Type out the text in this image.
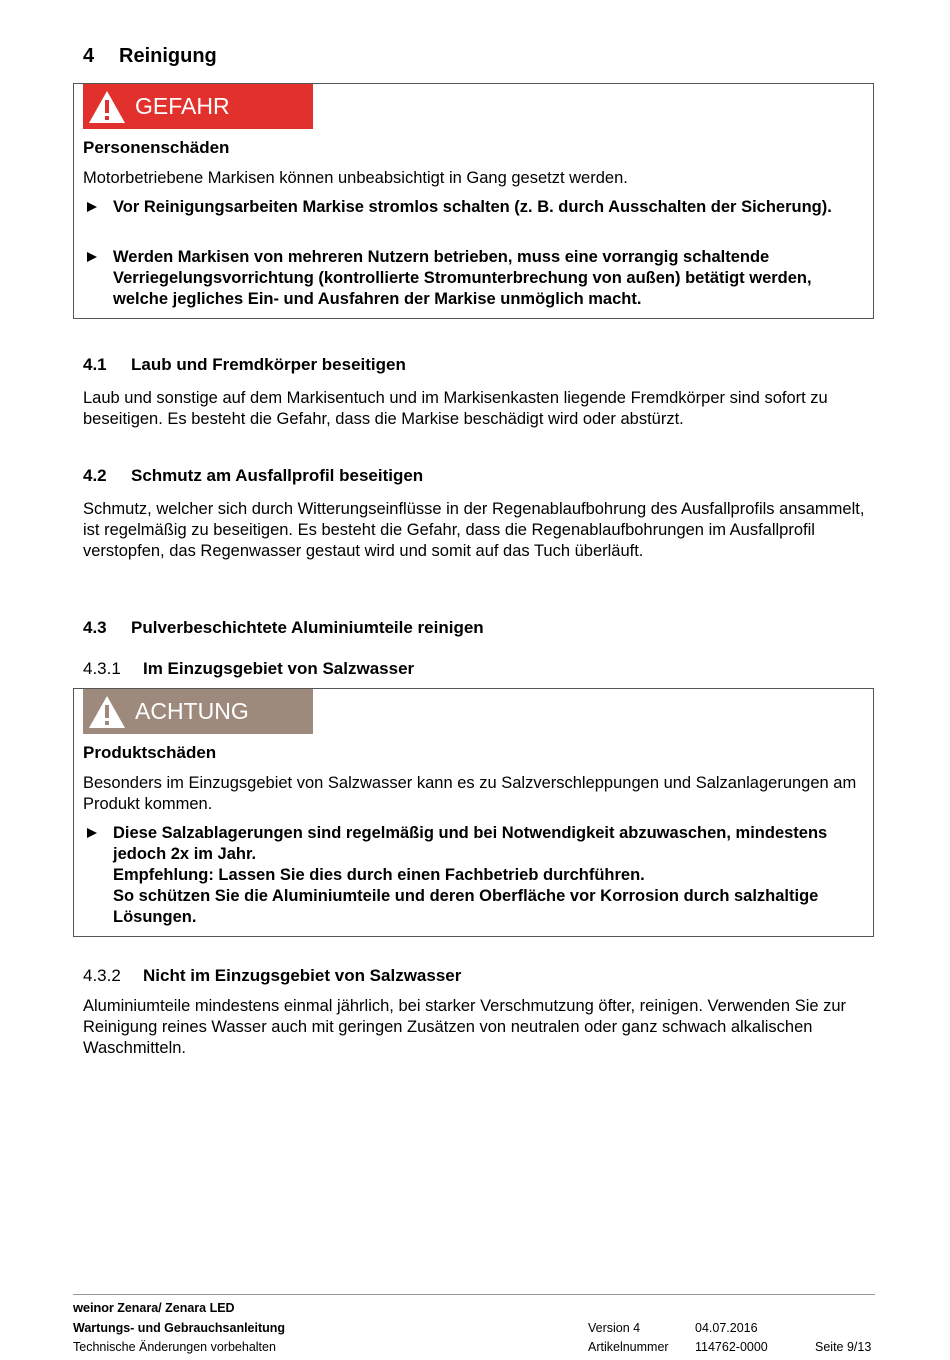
4 Reinigung
GEFAHR
Personenschäden

Motorbetriebene Markisen können unbeabsichtigt in Gang gesetzt werden.

Vor Reinigungsarbeiten Markise stromlos schalten (z. B. durch Ausschalten der Sicherung).

Werden Markisen von mehreren Nutzern betrieben, muss eine vorrangig schaltende Verriegelungsvorrichtung (kontrollierte Stromunterbrechung von außen) betätigt werden, welche jegliches Ein- und Ausfahren der Markise unmöglich macht.

4.1 Laub und Fremdkörper beseitigen

Laub und sonstige auf dem Markisentuch und im Markisenkasten liegende Fremdkörper sind sofort zu beseitigen. Es besteht die Gefahr, dass die Markise beschädigt wird oder abstürzt.

4.2 Schmutz am Ausfallprofil beseitigen

Schmutz, welcher sich durch Witterungseinflüsse in der Regenablaufbohrung des Ausfallprofils ansammelt, ist regelmäßig zu beseitigen. Es besteht die Gefahr, dass die Regenablaufbohrungen im Ausfallprofil verstopfen, das Regenwasser gestaut wird und somit auf das Tuch überläuft.

4.3 Pulverbeschichtete Aluminiumteile reinigen
4.3.1 Im Einzugsgebiet von Salzwasser
ACHTUNG
Produktschäden

Besonders im Einzugsgebiet von Salzwasser kann es zu Salzverschleppungen und Salzanlagerungen am Produkt kommen.

Diese Salzablagerungen sind regelmäßig und bei Notwendigkeit abzuwaschen, mindestens jedoch 2x im Jahr.

Empfehlung: Lassen Sie dies durch einen Fachbetrieb durchführen.

So schützen Sie die Aluminiumteile und deren Oberfläche vor Korrosion durch salzhaltige Lösungen.

4.3.2 Nicht im Einzugsgebiet von Salzwasser

Aluminiumteile mindestens einmal jährlich, bei starker Verschmutzung öfter, reinigen. Verwenden Sie zur Reinigung reines Wasser auch mit geringen Zusätzen von neutralen oder ganz schwach alkalischen Waschmitteln.

weinor Zenara/ Zenara LED
Wartungs- und Gebrauchsanleitung
Technische Änderungen vorbehalten
Version 4	04.07.2016
Artikelnummer 114762-0000	Seite 9/13
